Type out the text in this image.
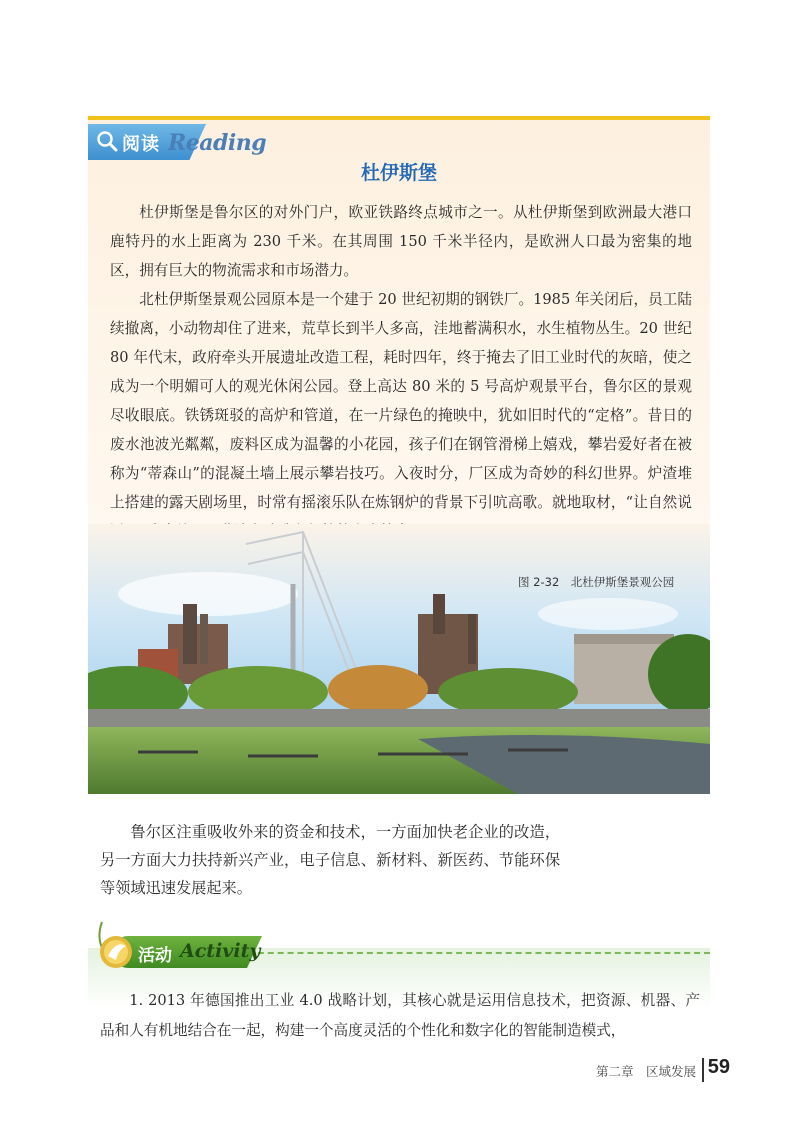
阅读 Reading
杜伊斯堡

杜伊斯堡是鲁尔区的对外门户，欧亚铁路终点城市之一。从杜伊斯堡到欧洲最大港口鹿特丹的水上距离为 230 千米。在其周围 150 千米半径内，是欧洲人口最为密集的地区，拥有巨大的物流需求和市场潜力。

北杜伊斯堡景观公园原本是一个建于 20 世纪初期的钢铁厂。1985 年关闭后，员工陆续撤离，小动物却住了进来，荒草长到半人多高，洼地蓄满积水，水生植物丛生。20 世纪 80 年代末，政府牵头开展遗址改造工程，耗时四年，终于掩去了旧工业时代的灰暗，使之成为一个明媚可人的观光休闲公园。登上高达 80 米的 5 号高炉观景平台，鲁尔区的景观尽收眼底。铁锈斑驳的高炉和管道，在一片绿色的掩映中，犹如旧时代的“定格”。昔日的废水池波光粼粼，废料区成为温馨的小花园，孩子们在钢管滑梯上嬉戏，攀岩爱好者在被称为“蒂森山”的混凝土墙上展示攀岩技巧。入夜时分，厂区成为奇妙的科幻世界。炉渣堆上搭建的露天剧场里，时常有摇滚乐队在炼钢炉的背景下引吭高歌。就地取材，“让自然说

图 2-32　北杜伊斯堡景观公园

鲁尔区注重吸收外来的资金和技术，一方面加快老企业的改造，另一方面大力扶持新兴产业，电子信息、新材料、新医药、节能环保等领域迅速发展起来。

活动 Activity

1. 2013 年德国推出工业 4.0 战略计划，其核心就是运用信息技术，把资源、机器、产品和人有机地结合在一起，构建一个高度灵活的个性化和数字化的智能制造模式，

第二章　区域发展 59
